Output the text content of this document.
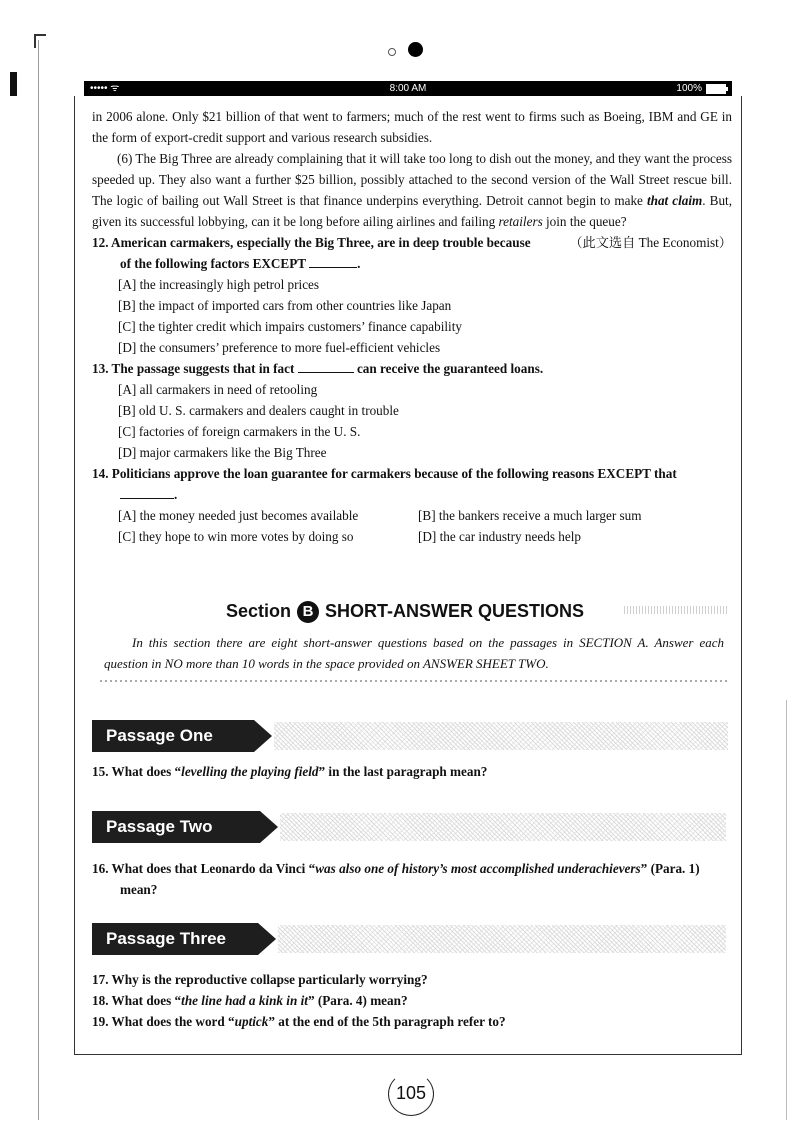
••••• ᯤ	8:00 AM	100%

in 2006 alone. Only $21 billion of that went to farmers; much of the rest went to firms such as Boeing, IBM and GE in the form of export-credit support and various research subsidies.

(6) The Big Three are already complaining that it will take too long to dish out the money, and they want the process speeded up. They also want a further $25 billion, possibly attached to the second version of the Wall Street rescue bill. The logic of bailing out Wall Street is that finance underpins everything. Detroit cannot begin to make that claim. But, given its successful lobbying, can it be long before ailing airlines and failing retailers join the queue?
（此文选自 The Economist）

12. American carmakers, especially the Big Three, are in deep trouble because of the following factors EXCEPT	.

[A] the increasingly high petrol prices

[B] the impact of imported cars from other countries like Japan

[C] the tighter credit which impairs customers’ finance capability

[D] the consumers’ preference to more fuel-efficient vehicles

13. The passage suggests that in fact	can receive the guaranteed loans.

[A] all carmakers in need of retooling

[B] old U. S. carmakers and dealers caught in trouble

[C] factories of foreign carmakers in the U. S.

[D] major carmakers like the Big Three

14. Politicians approve the loan guarantee for carmakers because of the following reasons EXCEPT that
.

[A] the money needed just becomes available	[B] the bankers receive a much larger sum
[C] they hope to win more votes by doing so	[D] the car industry needs help
Section B SHORT-ANSWER QUESTIONS
In this section there are eight short-answer questions based on the passages in SECTION A. Answer each question in NO more than 10 words in the space provided on ANSWER SHEET TWO.
Passage One
15. What does “levelling the playing field” in the last paragraph mean?
Passage Two
16. What does that Leonardo da Vinci “was also one of history’s most accomplished underachievers” (Para. 1) mean?
Passage Three
17. Why is the reproductive collapse particularly worrying?
18. What does “the line had a kink in it” (Para. 4) mean?
19. What does the word “uptick” at the end of the 5th paragraph refer to?
105
